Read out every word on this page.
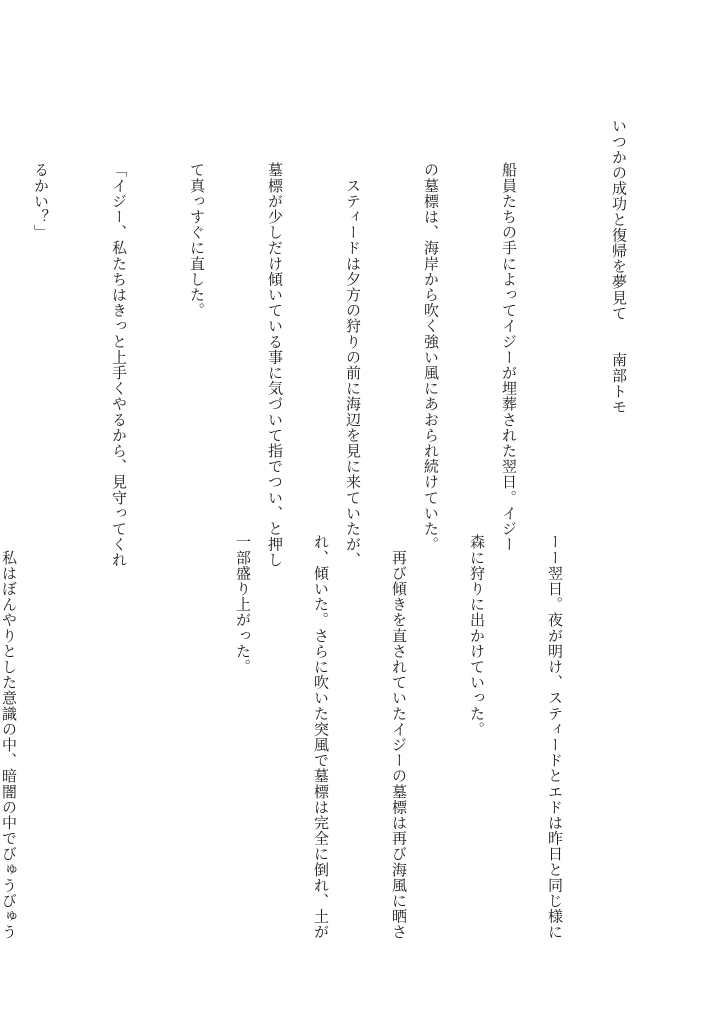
いつかの成功と復帰を夢見て
南部トモ

船員たちの手によってイジーが埋葬された翌日。イジー

の墓標は、海岸から吹く強い風にあおられ続けていた。

　スティードは夕方の狩りの前に海辺を見に来ていたが、

墓標が少しだけ傾いている事に気づいて指でつい、と押し

て真っすぐに直した。

「イジー、私たちはきっと上手くやるから、見守ってくれ

るかい？」

ーー翌日。夜が明け、スティードとエドは昨日と同じ様に

森に狩りに出かけていった。

　再び傾きを直されていたイジーの墓標は再び海風に晒さ

れ、傾いた。さらに吹いた突風で墓標は完全に倒れ、土が

一部盛り上がった。

　私はぼんやりとした意識の中、暗闇の中でびゅうびゅう
